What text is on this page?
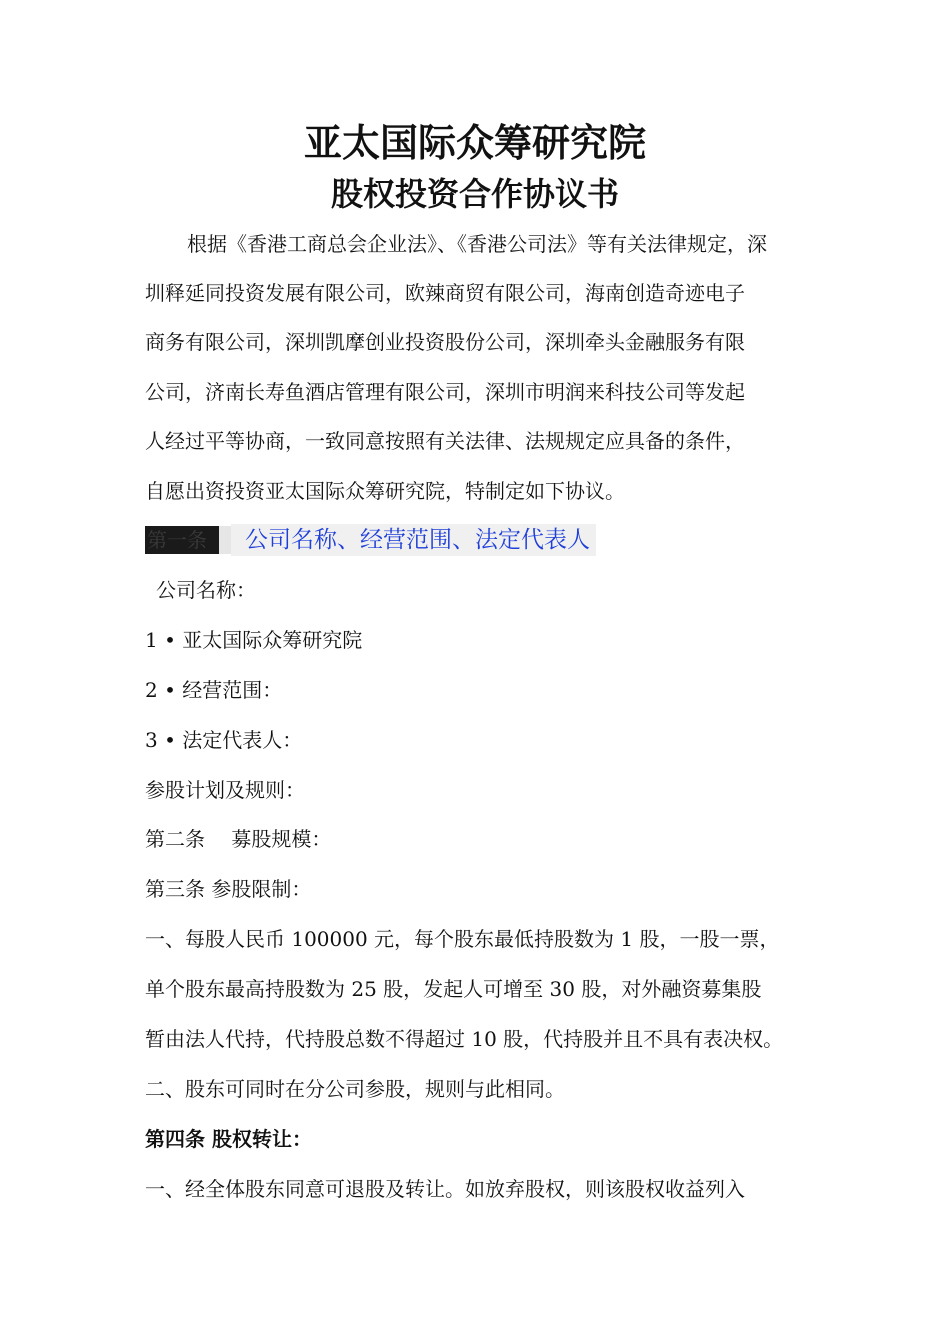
亚太国际众筹研究院
股权投资合作协议书
根据《香港工商总会企业法》、《香港公司法》等有关法律规定，深
圳释延同投资发展有限公司，欧辣商贸有限公司，海南创造奇迹电子
商务有限公司，深圳凯摩创业投资股份公司，深圳牵头金融服务有限
公司，济南长寿鱼酒店管理有限公司，深圳市明润来科技公司等发起
人经过平等协商，一致同意按照有关法律、法规规定应具备的条件，
自愿出资投资亚太国际众筹研究院，特制定如下协议。
第一条 公司名称、经营范围、法定代表人
公司名称：
1 • 亚太国际众筹研究院
2 • 经营范围：
3 • 法定代表人：
参股计划及规则：
第二条　 募股规模：
第三条 参股限制：
一、每股人民币 100000 元，每个股东最低持股数为 1 股，一股一票，
单个股东最高持股数为 25 股，发起人可增至 30 股，对外融资募集股
暂由法人代持，代持股总数不得超过 10 股，代持股并且不具有表决权。
二、股东可同时在分公司参股，规则与此相同。
第四条 股权转让：
一、经全体股东同意可退股及转让。如放弃股权，则该股权收益列入
